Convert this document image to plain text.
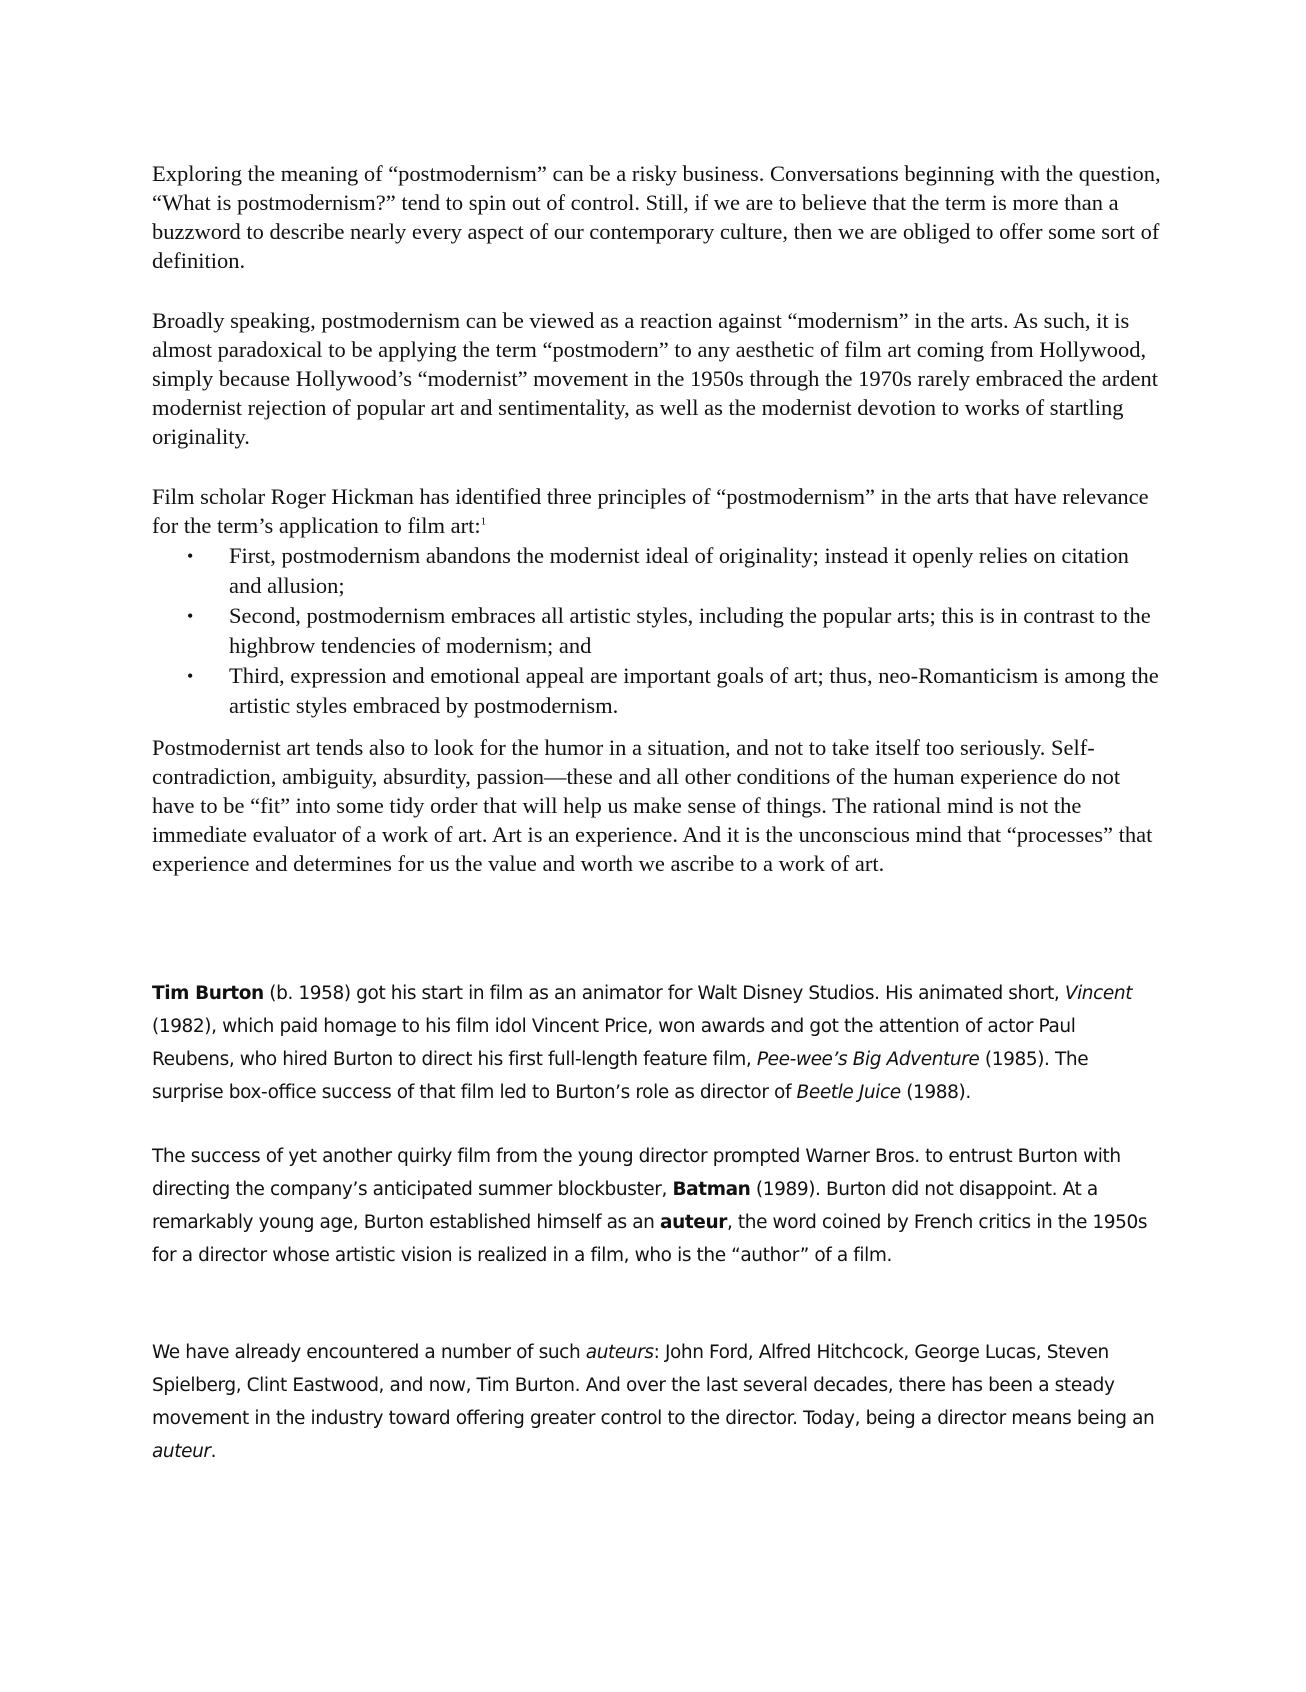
Exploring the meaning of “postmodernism” can be a risky business. Conversations beginning with the question, “What is postmodernism?” tend to spin out of control. Still, if we are to believe that the term is more than a buzzword to describe nearly every aspect of our contemporary culture, then we are obliged to offer some sort of definition.

Broadly speaking, postmodernism can be viewed as a reaction against “modernism” in the arts. As such, it is almost paradoxical to be applying the term “postmodern” to any aesthetic of film art coming from Hollywood, simply because Hollywood’s “modernist” movement in the 1950s through the 1970s rarely embraced the ardent modernist rejection of popular art and sentimentality, as well as the modernist devotion to works of startling originality.

Film scholar Roger Hickman has identified three principles of “postmodernism” in the arts that have relevance for the term’s application to film art:$^1$

• First, postmodernism abandons the modernist ideal of originality; instead it openly relies on citation and allusion;
• Second, postmodernism embraces all artistic styles, including the popular arts; this is in contrast to the highbrow tendencies of modernism; and
• Third, expression and emotional appeal are important goals of art; thus, neo-Romanticism is among the artistic styles embraced by postmodernism.

Postmodernist art tends also to look for the humor in a situation, and not to take itself too seriously. Self-contradiction, ambiguity, absurdity, passion—these and all other conditions of the human experience do not have to be “fit” into some tidy order that will help us make sense of things. The rational mind is not the immediate evaluator of a work of art. Art is an experience. And it is the unconscious mind that “processes” that experience and determines for us the value and worth we ascribe to a work of art.

Tim Burton (b. 1958) got his start in film as an animator for Walt Disney Studios. His animated short, Vincent (1982), which paid homage to his film idol Vincent Price, won awards and got the attention of actor Paul Reubens, who hired Burton to direct his first full-length feature film, Pee-wee’s Big Adventure (1985). The surprise box-office success of that film led to Burton’s role as director of Beetle Juice (1988).

The success of yet another quirky film from the young director prompted Warner Bros. to entrust Burton with directing the company’s anticipated summer blockbuster, Batman (1989). Burton did not disappoint. At a remarkably young age, Burton established himself as an auteur, the word coined by French critics in the 1950s for a director whose artistic vision is realized in a film, who is the “author” of a film.

We have already encountered a number of such auteurs: John Ford, Alfred Hitchcock, George Lucas, Steven Spielberg, Clint Eastwood, and now, Tim Burton. And over the last several decades, there has been a steady movement in the industry toward offering greater control to the director. Today, being a director means being an auteur.
